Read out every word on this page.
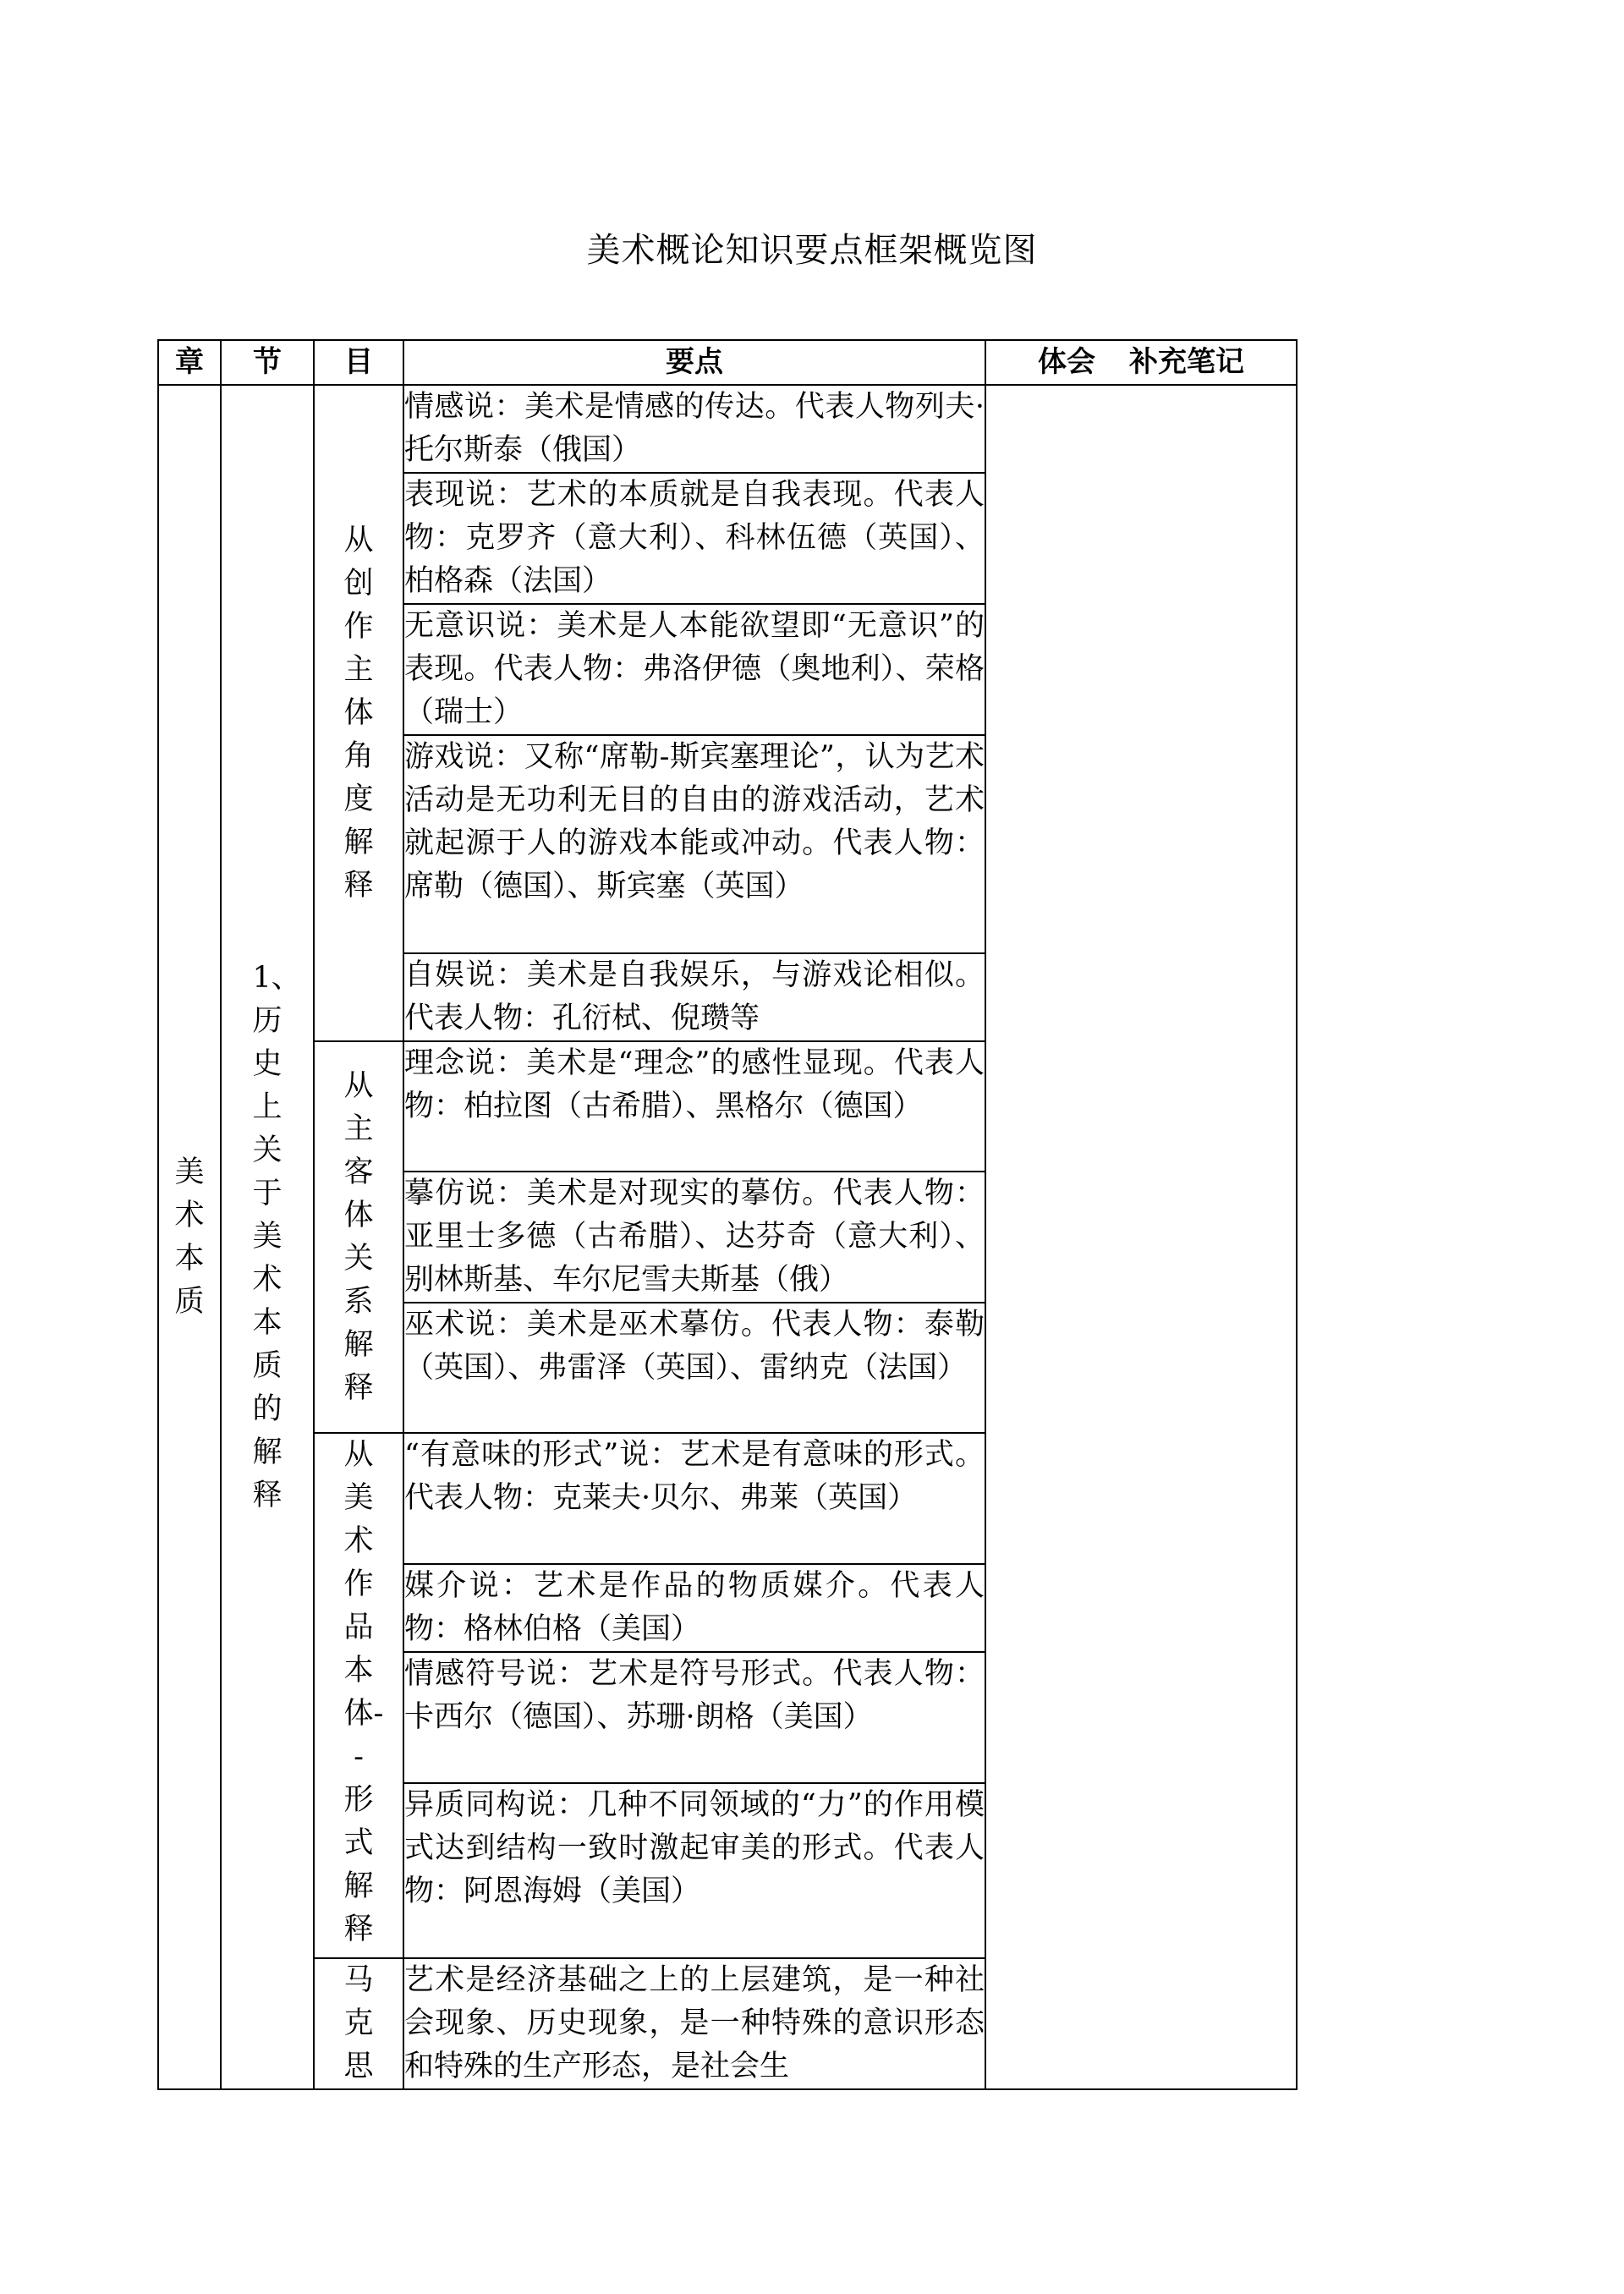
美术概论知识要点框架概览图
章	节	目	要点	体会 补充笔记
美术本质	1、历史上关于美术本质的解释	从创作主体角度解释	情感说：美术是情感的传达。代表人物列夫·托尔斯泰（俄国）	
			表现说：艺术的本质就是自我表现。代表人物：克罗齐（意大利）、科林伍德（英国）、柏格森（法国）	
			无意识说：美术是人本能欲望即“无意识”的表现。代表人物：弗洛伊德（奥地利）、荣格（瑞士）	
			游戏说：又称“席勒-斯宾塞理论”，认为艺术活动是无功利无目的自由的游戏活动，艺术就起源于人的游戏本能或冲动。代表人物：席勒（德国）、斯宾塞（英国）	
			自娱说：美术是自我娱乐，与游戏论相似。代表人物：孔衍栻、倪瓒等	
		从主客体关系解释	理念说：美术是“理念”的感性显现。代表人物：柏拉图（古希腊）、黑格尔（德国）	
			摹仿说：美术是对现实的摹仿。代表人物：亚里士多德（古希腊）、达芬奇（意大利）、别林斯基、车尔尼雪夫斯基（俄）	
			巫术说：美术是巫术摹仿。代表人物：泰勒（英国）、弗雷泽（英国）、雷纳克（法国）	
		从美术作品本体--形式解释	“有意味的形式”说：艺术是有意味的形式。代表人物：克莱夫·贝尔、弗莱（英国）	
			媒介说：艺术是作品的物质媒介。代表人物：格林伯格（美国）	
			情感符号说：艺术是符号形式。代表人物：卡西尔（德国）、苏珊·朗格（美国）	
			异质同构说：几种不同领域的“力”的作用模式达到结构一致时激起审美的形式。代表人物：阿恩海姆（美国）	
		马克思	艺术是经济基础之上的上层建筑，是一种社会现象、历史现象，是一种特殊的意识形态和特殊的生产形态，是社会生	
